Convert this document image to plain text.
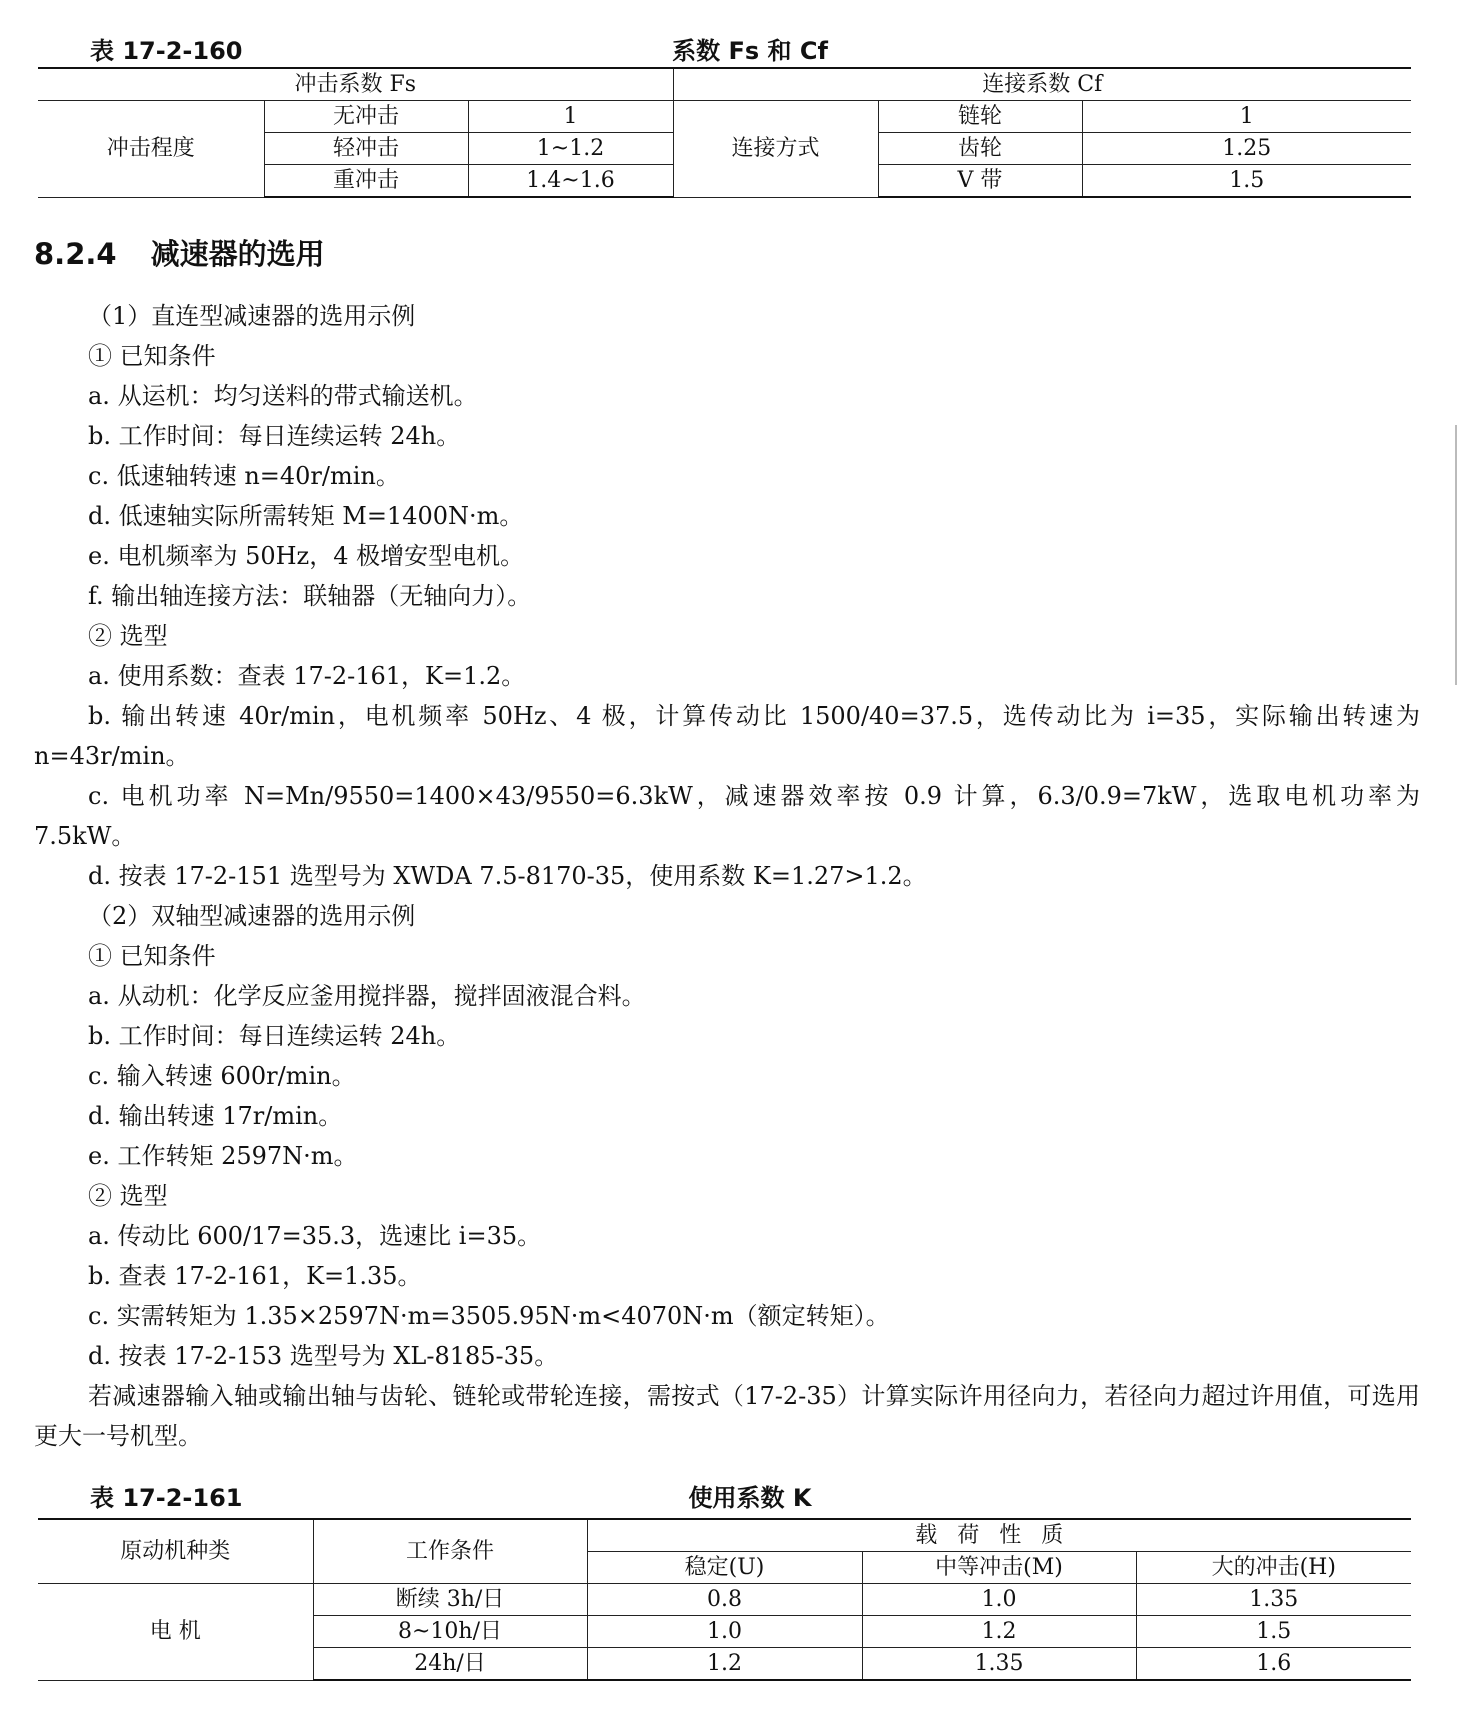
表 17-2-160	系数 Fs 和 Cf
冲击系数 Fs			连接系数 Cf		
冲击程度	无冲击	1	连接方式	链轮	1
	轻冲击	1~1.2		齿轮	1.25
	重冲击	1.4~1.6		V 带	1.5
8.2.4 减速器的选用
（1）直连型减速器的选用示例
① 已知条件
a. 从运机：均匀送料的带式输送机。
b. 工作时间：每日连续运转 24h。
c. 低速轴转速 n=40r/min。
d. 低速轴实际所需转矩 M=1400N·m。
e. 电机频率为 50Hz，4 极增安型电机。
f. 输出轴连接方法：联轴器（无轴向力）。
② 选型
a. 使用系数：查表 17-2-161，K=1.2。

b. 输出转速 40r/min，电机频率 50Hz、4 极，计算传动比 1500/40=37.5，选传动比为 i=35，实际输出转速为 n=43r/min。

c. 电机功率 N=Mn/9550=1400×43/9550=6.3kW，减速器效率按 0.9 计算，6.3/0.9=7kW，选取电机功率为 7.5kW。

d. 按表 17-2-151 选型号为 XWDA 7.5-8170-35，使用系数 K=1.27>1.2。
（2）双轴型减速器的选用示例
① 已知条件
a. 从动机：化学反应釜用搅拌器，搅拌固液混合料。
b. 工作时间：每日连续运转 24h。
c. 输入转速 600r/min。
d. 输出转速 17r/min。
e. 工作转矩 2597N·m。
② 选型
a. 传动比 600/17=35.3，选速比 i=35。
b. 查表 17-2-161，K=1.35。
c. 实需转矩为 1.35×2597N·m=3505.95N·m<4070N·m（额定转矩）。
d. 按表 17-2-153 选型号为 XL-8185-35。

若减速器输入轴或输出轴与齿轮、链轮或带轮连接，需按式（17-2-35）计算实际许用径向力，若径向力超过许用值，可选用更大一号机型。

表 17-2-161	使用系数 K
原动机种类	工作条件	载荷性质		
		稳定(U)	中等冲击(M)	大的冲击(H)
电 机	断续 3h/日	0.8	1.0	1.35
	8~10h/日	1.0	1.2	1.5
	24h/日	1.2	1.35	1.6
